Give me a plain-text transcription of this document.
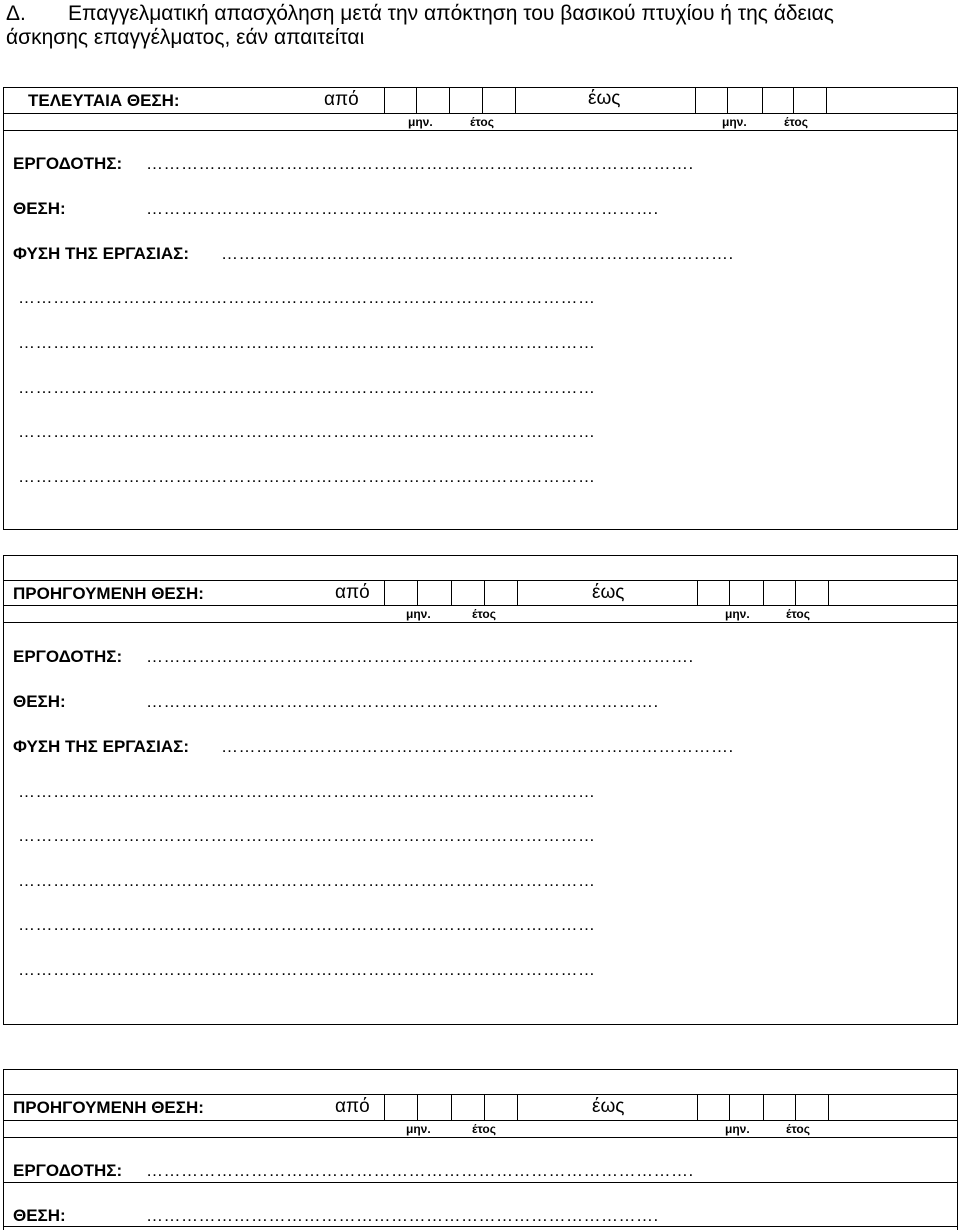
Δ. Επαγγελματική απασχόληση μετά την απόκτηση του βασικού πτυχίου ή της άδειας
άσκησης επαγγέλματος, εάν απαιτείται
ΤΕΛΕΥΤΑΙΑ ΘΕΣΗ:	από	έως
μην.	έτος	μην.	έτος
ΕΡΓΟΔΟΤΗΣ: ………………………………………………………………………………….
ΘΕΣΗ:	…………………………………………………………………………….
ΦΥΣΗ ΤΗΣ ΕΡΓΑΣΙΑΣ: …………………………………………………………………………….
………………………………………………………………………………………
………………………………………………………………………………………
………………………………………………………………………………………
………………………………………………………………………………………
………………………………………………………………………………………
ΠΡΟΗΓΟΥΜΕΝΗ ΘΕΣΗ:	από	έως
μην.	έτος	μην.	έτος
ΕΡΓΟΔΟΤΗΣ: ………………………………………………………………………………….
ΘΕΣΗ:	…………………………………………………………………………….
ΦΥΣΗ ΤΗΣ ΕΡΓΑΣΙΑΣ: …………………………………………………………………………….
………………………………………………………………………………………
………………………………………………………………………………………
………………………………………………………………………………………
………………………………………………………………………………………
………………………………………………………………………………………
ΠΡΟΗΓΟΥΜΕΝΗ ΘΕΣΗ:	από	έως
μην.	έτος	μην.	έτος
ΕΡΓΟΔΟΤΗΣ: ………………………………………………………………………………….
ΘΕΣΗ:	…………………………………………………………………………….
